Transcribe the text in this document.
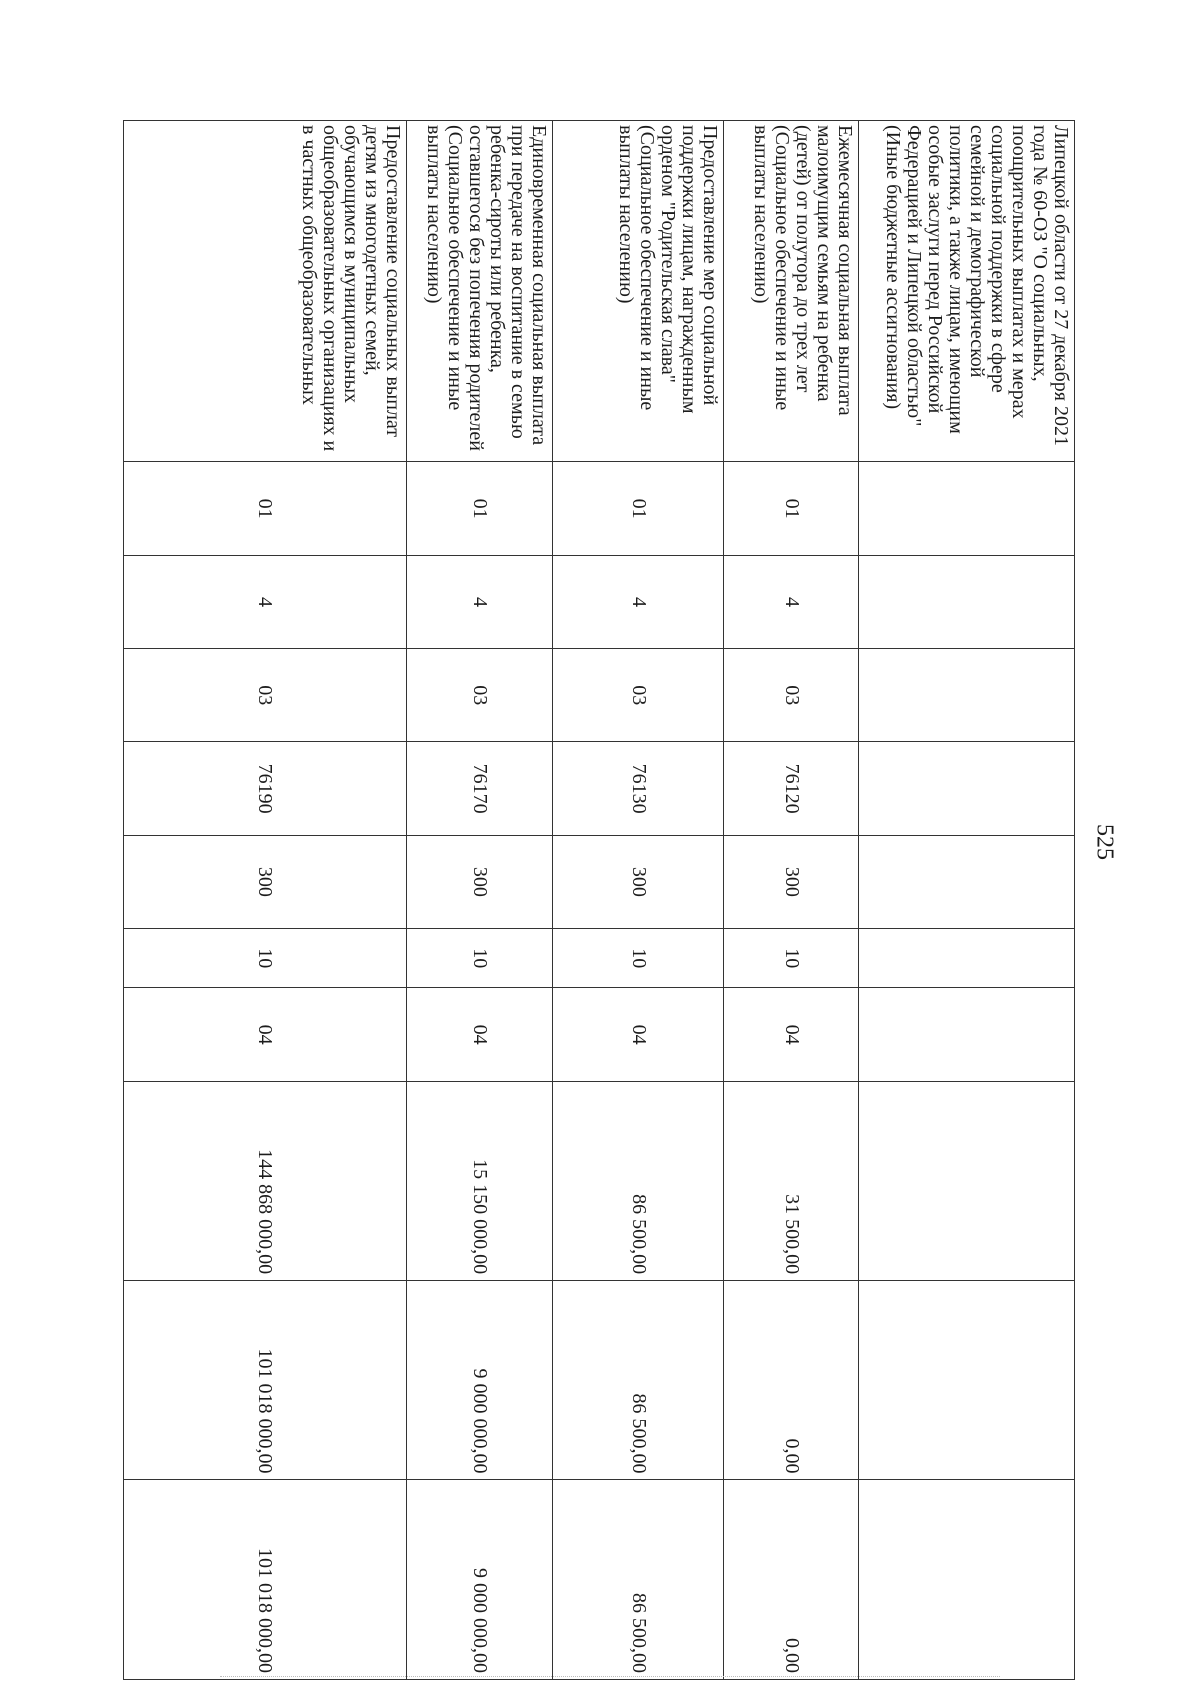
525
Липецкой области от 27 декабря 2021 года № 60-ОЗ "О социальных, поощрительных выплатах и мерах социальной поддержки в сфере семейной и демографической политики, а также лицам, имеющим особые заслуги перед Российской Федерацией и Липецкой областью" (Иные бюджетные ассигнования)										
Ежемесячная социальная выплата малоимущим семьям на ребенка (детей) от полутора до трех лет (Социальное обеспечение и иные выплаты населению)	01	4	03	76120	300	10	04	31 500,00	0,00	0,00
Предоставление мер социальной поддержки лицам, награжденным орденом "Родительская слава" (Социальное обеспечение и иные выплаты населению)	01	4	03	76130	300	10	04	86 500,00	86 500,00	86 500,00
Единовременная социальная выплата при передаче на воспитание в семью ребенка-сироты или ребенка, оставшегося без попечения родителей (Социальное обеспечение и иные выплаты населению)	01	4	03	76170	300	10	04	15 150 000,00	9 000 000,00	9 000 000,00
Предоставление социальных выплат детям из многодетных семей, обучающимся в муниципальных общеобразовательных организациях и в частных общеобразовательных	01	4	03	76190	300	10	04	144 868 000,00	101 018 000,00	101 018 000,00
